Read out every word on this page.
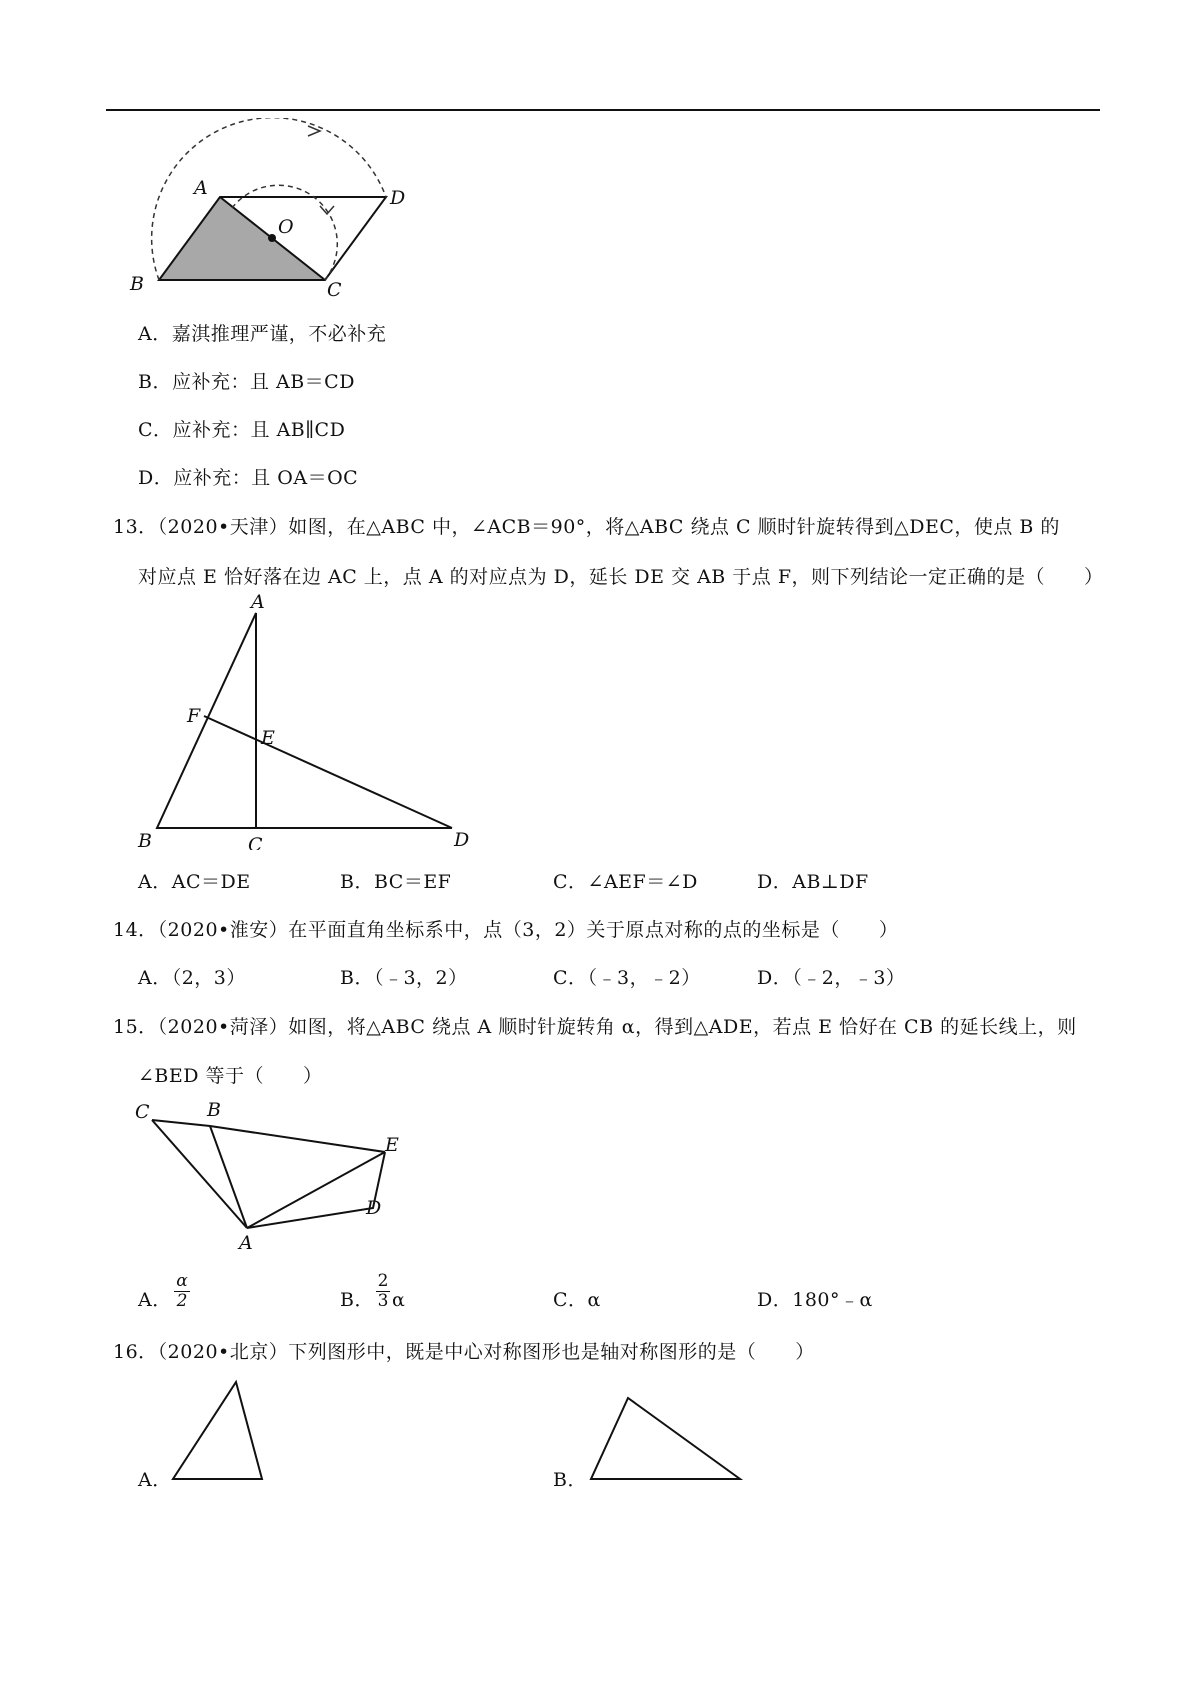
A
B	C
D
O
A．嘉淇推理严谨，不必补充
B．应补充：且 AB＝CD
C．应补充：且 AB∥CD
D．应补充：且 OA＝OC
13．（2020•天津）如图，在△ABC 中，∠ACB＝90°，将△ABC 绕点 C 顺时针旋转得到△DEC，使点 B 的
对应点 E 恰好落在边 AC 上，点 A 的对应点为 D，延长 DE 交 AB 于点 F，则下列结论一定正确的是（　　）
A
F
E
B	C	D
A．AC＝DE	B．BC＝EF	C．∠AEF＝∠D	D．AB⊥DF
14．（2020•淮安）在平面直角坐标系中，点（3，2）关于原点对称的点的坐标是（　　）
A．（2，3）	B．（﹣3，2）	C．（﹣3，﹣2）	D．（﹣2，﹣3）
15．（2020•菏泽）如图，将△ABC 绕点 A 顺时针旋转角 α，得到△ADE，若点 E 恰好在 CB 的延长线上，则
∠BED 等于（　　）
C	B
E
D
A
A．
α
2	B．
2
3 α	C．α	D．180°﹣α
16．（2020•北京）下列图形中，既是中心对称图形也是轴对称图形的是（　　）
A．	B．
